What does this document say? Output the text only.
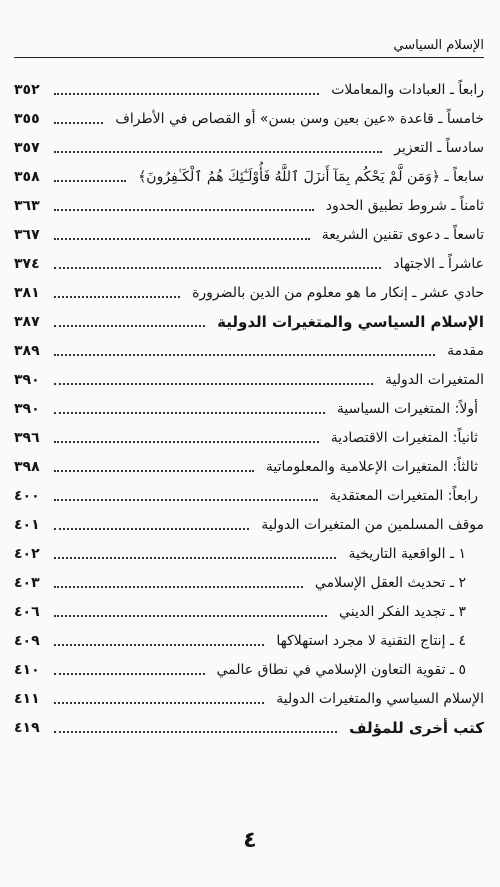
الإسلام السياسي
رابعاً ـ العبادات والمعاملات
٣٥٢
خامساً ـ قاعدة «عين بعين وسن بسن» أو القصاص في الأطراف
٣٥٥
سادساً ـ التعزير
٣٥٧
سابعاً ـ ﴿وَمَن لَّمْ يَحْكُم بِمَآ أَنزَلَ ٱللَّهُ فَأُوْلَـٰٓئِكَ هُمُ ٱلْكَـٰفِرُونَ﴾
٣٥٨
ثامناً ـ شروط تطبيق الحدود
٣٦٣
تاسعاً ـ دعوى تقنين الشريعة
٣٦٧
عاشراً ـ الاجتهاد
٣٧٤
حادي عشر ـ إنكار ما هو معلوم من الدين بالضرورة
٣٨١
الإسلام السياسي والمتغيرات الدولية
٣٨٧
مقدمة
٣٨٩
المتغيرات الدولية
٣٩٠
أولاً: المتغيرات السياسية
٣٩٠
ثانياً: المتغيرات الاقتصادية
٣٩٦
ثالثاً: المتغيرات الإعلامية والمعلوماتية
٣٩٨
رابعاً: المتغيرات المعتقدية
٤٠٠
موقف المسلمين من المتغيرات الدولية
٤٠١
١ ـ الواقعية التاريخية
٤٠٢
٢ ـ تحديث العقل الإسلامي
٤٠٣
٣ ـ تجديد الفكر الديني
٤٠٦
٤ ـ إنتاج التقنية لا مجرد استهلاكها
٤٠٩
٥ ـ تقوية التعاون الإسلامي في نطاق عالمي
٤١٠
الإسلام السياسي والمتغيرات الدولية
٤١١
كتب أخرى للمؤلف
٤١٩
٤
